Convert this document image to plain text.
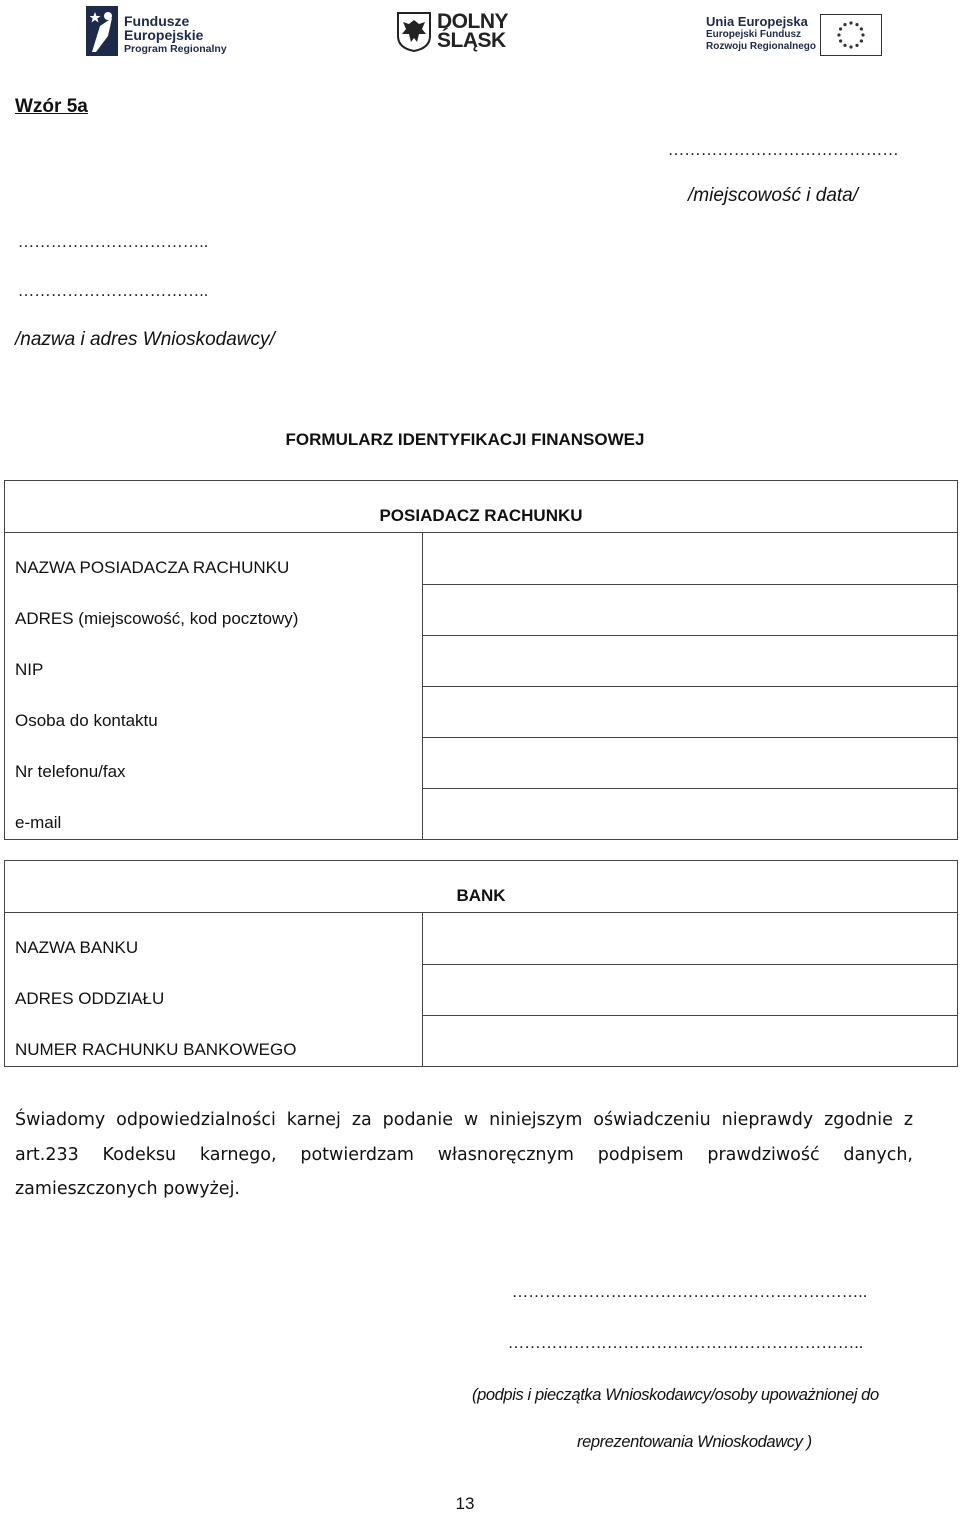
Fundusze
Europejskie
Program Regionalny
DOLNY
ŚLĄSK
Unia Europejska
Europejski Fundusz
Rozwoju Regionalnego
Wzór 5a
……………………………………
/miejscowość i data/
……………………………..
……………………………..
/nazwa i adres Wnioskodawcy/
FORMULARZ IDENTYFIKACJI FINANSOWEJ
POSIADACZ RACHUNKU	
NAZWA POSIADACZA RACHUNKU	
ADRES (miejscowość, kod pocztowy)	
NIP	
Osoba do kontaktu	
Nr telefonu/fax	
e-mail	
BANK	
NAZWA BANKU	
ADRES ODDZIAŁU	
NUMER RACHUNKU BANKOWEGO	
Świadomy odpowiedzialności karnej za podanie w niniejszym oświadczeniu nieprawdy zgodnie z art.233 Kodeksu karnego, potwierdzam własnoręcznym podpisem prawdziwość danych, zamieszczonych powyżej.
………………………………………………………..
………………………………………………………..
(podpis i pieczątka Wnioskodawcy/osoby upoważnionej do
reprezentowania Wnioskodawcy )
13
